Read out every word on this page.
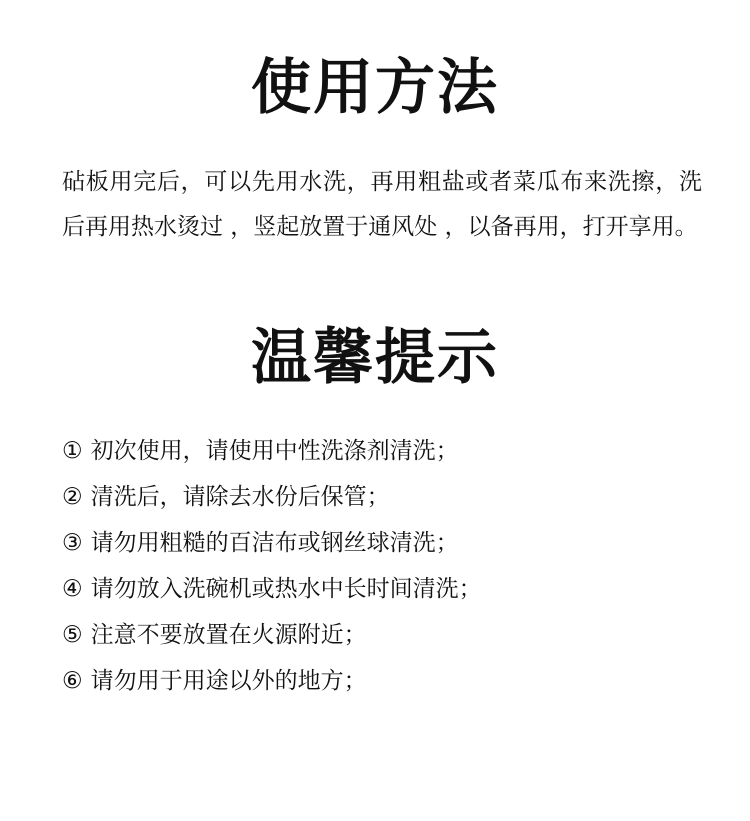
使用方法

砧板用完后，可以先用水洗，再用粗盐或者菜瓜布来洗擦，洗后再用热水烫过 ，竖起放置于通风处 ，以备再用，打开享用。

温馨提示
① 初次使用，请使用中性洗涤剂清洗；
② 清洗后，请除去水份后保管；
③ 请勿用粗糙的百洁布或钢丝球清洗；
④ 请勿放入洗碗机或热水中长时间清洗；
⑤ 注意不要放置在火源附近；
⑥ 请勿用于用途以外的地方；
